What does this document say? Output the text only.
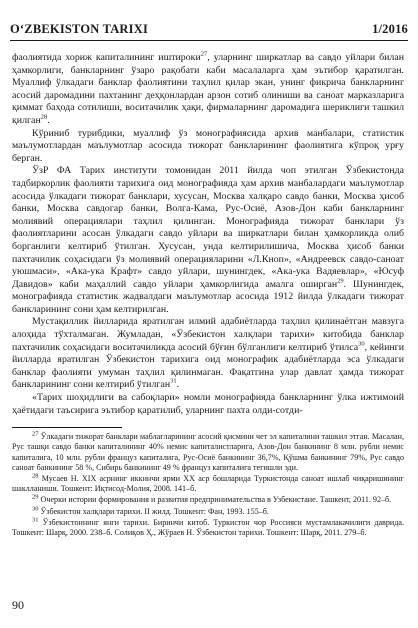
O‘ZBEKISTON TARIXI	1/2016

фаолиятида хориж капиталининг иштироки$^{27}$, уларнинг ширкатлар ва савдо уйлари билан ҳамкорлиги, банкларнинг ўзаро рақобати каби масалаларга ҳам эътибор қаратилган. Муаллиф ўлкадаги банклар фаолиятини таҳлил қилар экан, унинг фикрича банкларнинг асосий даромадини пахтанинг деҳқонлардан арзон сотиб олиниши ва саноат марказларига қиммат баҳода сотилиши, воситачилик ҳақи, фирмаларнинг даромадига шериклиги ташкил қилган$^{28}$.

Кўриниб турибдики, муаллиф ўз монографиясида архив манбалари, статистик маълумотлардан маълумотлар асосида тижорат банкларининг фаолиятига кўпроқ урғу берган.

ЎзР ФА Тарих институти томонидан 2011 йилда чоп этилган Ўзбекистонда тадбиркорлик фаолияти тарихига оид монографияда ҳам архив манбалардаги маълумотлар асосида ўлкадаги тижорат банклари, хусусан, Москва халқаро савдо банки, Москва ҳисоб банки, Москва савдогар банки, Волга-Кама, Рус-Осиё, Азов-Дон каби банкларнинг молиявий операциялари таҳлил қилинган. Монографияда тижорат банклари ўз фаолиятларини асосан ўлкадаги савдо уйлари ва ширкатлари билан ҳамкорликда олиб борганлиги келтириб ўтилган. Хусусан, унда келтирилишича, Москва ҳисоб банки пахтачилик соҳасидаги ўз молиявий операцияларини «Л.Кноп», «Андреевск савдо-саноат уюшмаси», «Ака-ука Крафт» савдо уйлари, шунингдек, «Ака-ука Вадяевлар», «Юсуф Давидов» каби маҳаллий савдо уйлари ҳамкорлигида амалга оширган$^{29}$. Шунингдек, монографияда статистик жадвалдаги маълумотлар асосида 1912 йилда ўлкадаги тижорат банкларининг сони ҳам келтирилган.

Мустақиллик йилларида яратилган илмий адабиётларда таҳлил қилинаётган мавзуга алоҳида тўхталмаган. Жумладан, «Ўзбекистон халқлари тарихи» китобида банклар пахтачилик соҳасидаги воситачиликда асосий бўғин бўлганлиги келтириб ўтилса$^{30}$, кейинги йилларда яратилган Ўзбекистон тарихига оид монографик адабиётларда эса ўлкадаги банклар фаолияти умуман таҳлил қилинмаган. Фақатгина улар давлат ҳамда тижорат банкларининг сони келтириб ўтилган$^{31}$.

«Тарих шоҳидлиги ва сабоқлари» номли монографияда банкларнинг ўлка ижтимоий ҳаётидаги таъсирига эътибор қаратилиб, уларнинг пахта олди-сотди-

$^{27}$ Ўлкадаги тижорат банклари маблағларининг асосий қисмини чет эл капиталини ташкил этган. Масалан, Рус ташқи савдо банки капиталининг 40% немис капиталистларига, Азов-Дон банкининг 8 млн. рубли немис капиталига, 10 млн. рубли француз капиталига, Рус-Осиё банкининг 36,7%, Қўшма банкининг 79%, Рус савдо саноат банкининг 58 %, Сибирь банкининг 49 % француз капиталига тегишли эди.

$^{28}$ Мусаев Н. XIX асрнинг иккинчи ярми XX аср бошларида Туркистонда саноат ишлаб чиқаришининг шаклланиши. Тошкент: Иқтисод-Молия, 2008. 141–б.

$^{29}$ Очерки истории формирования и развития предпринимательства в Узбекистане. Ташкент, 2011. 92–б.

$^{30}$ Ўзбекистон халқлари тарихи. II жилд. Тошкент: Фан, 1993. 155–б.

$^{31}$ Ўзбекистоннинг янги тарихи. Биринчи китоб. Туркистон чор Россияси мустамлакачилиги даврида. Тошкент: Шарқ, 2000. 238–б. Солиқов Ҳ., Жўраев Н. Ўзбекистон тарихи. Тошкент: Шарқ, 2011. 279–б.

90
